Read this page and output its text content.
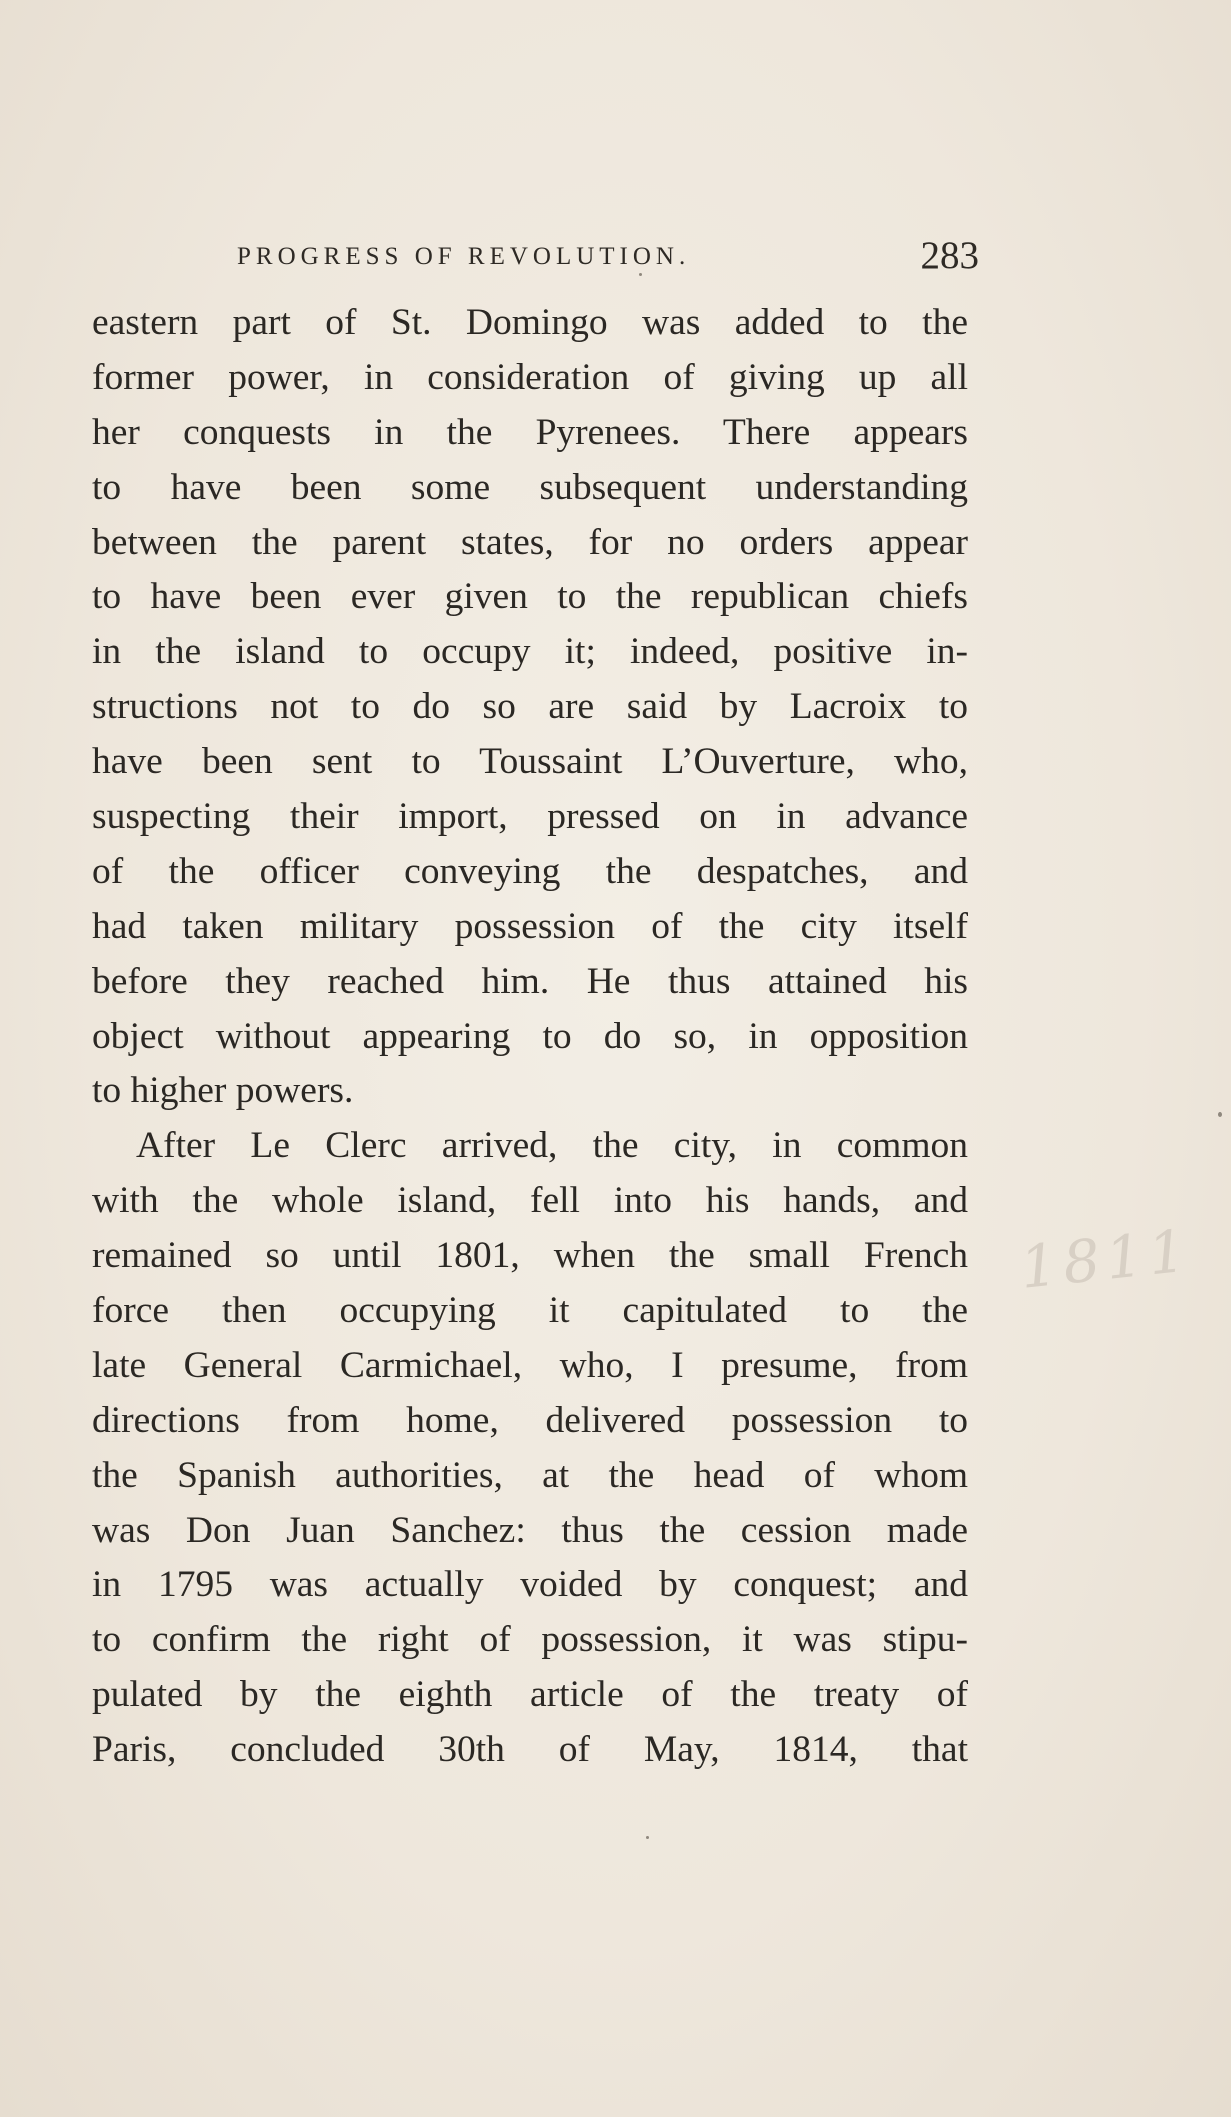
PROGRESS OF REVOLUTION.	283
eastern part of St. Domingo was added to the
former power, in consideration of giving up all
her conquests in the Pyrenees. There appears
to have been some subsequent understanding
between the parent states, for no orders appear
to have been ever given to the republican chiefs
in the island to occupy it; indeed, positive in-
structions not to do so are said by Lacroix to
have been sent to Toussaint L’Ouverture, who,
suspecting their import, pressed on in advance
of the officer conveying the despatches, and
had taken military possession of the city itself
before they reached him. He thus attained his
object without appearing to do so, in opposition
to higher powers.
After Le Clerc arrived, the city, in common
with the whole island, fell into his hands, and
remained so until 1801, when the small French
force then occupying it capitulated to the
late General Carmichael, who, I presume, from
directions from home, delivered possession to
the Spanish authorities, at the head of whom
was Don Juan Sanchez: thus the cession made
in 1795 was actually voided by conquest; and
to confirm the right of possession, it was stipu-
pulated by the eighth article of the treaty of
Paris, concluded 30th of May, 1814, that
1811
